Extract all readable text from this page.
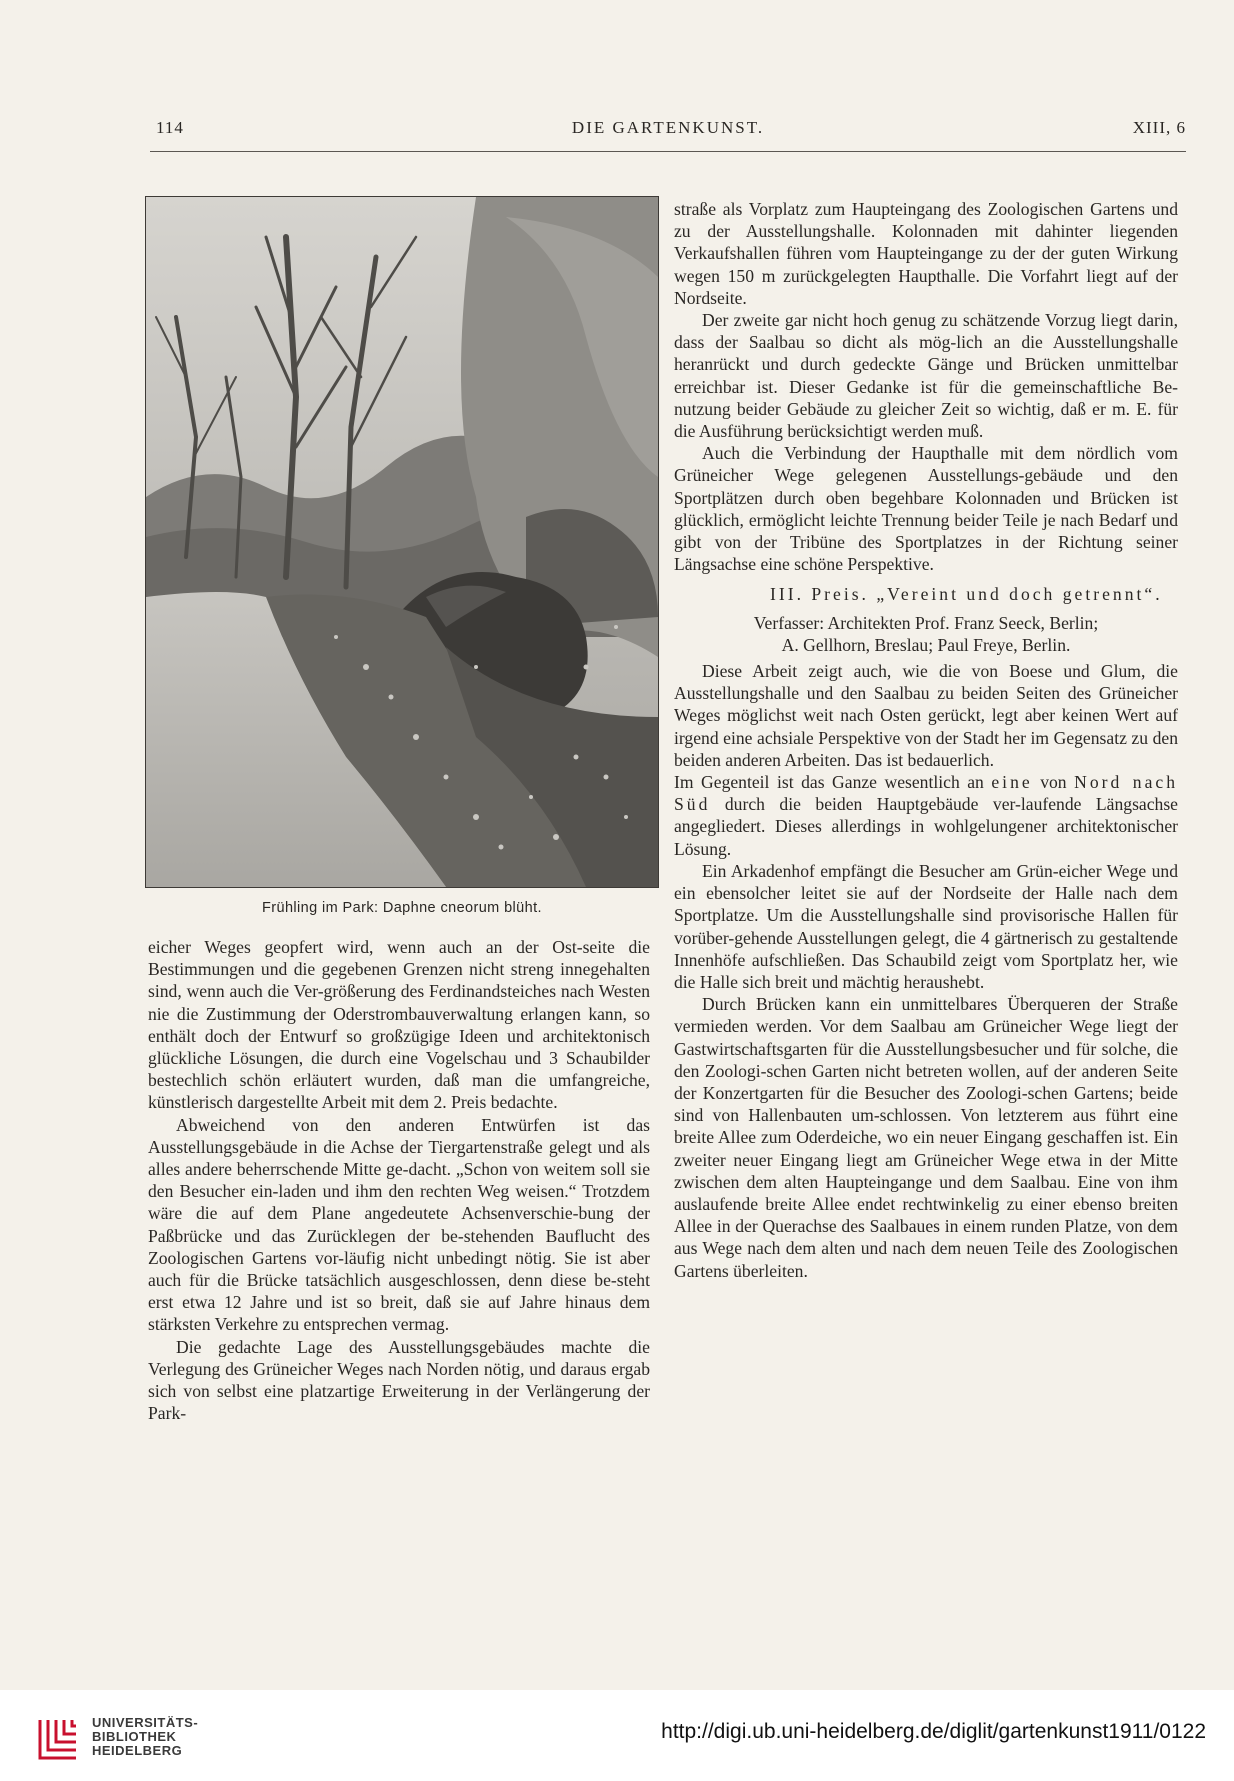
114	DIE GARTENKUNST.	XIII, 6
Frühling im Park: Daphne cneorum blüht.

eicher Weges geopfert wird, wenn auch an der Ost-seite die Bestimmungen und die gegebenen Grenzen nicht streng innegehalten sind, wenn auch die Ver-größerung des Ferdinandsteiches nach Westen nie die Zustimmung der Oderstrombauverwaltung erlangen kann, so enthält doch der Entwurf so großzügige Ideen und architektonisch glückliche Lösungen, die durch eine Vogelschau und 3 Schaubilder bestechlich schön erläutert wurden, daß man die umfangreiche, künstlerisch dargestellte Arbeit mit dem 2. Preis bedachte.

Abweichend von den anderen Entwürfen ist das Ausstellungsgebäude in die Achse der Tiergartenstraße gelegt und als alles andere beherrschende Mitte ge-dacht. „Schon von weitem soll sie den Besucher ein-laden und ihm den rechten Weg weisen.“ Trotzdem wäre die auf dem Plane angedeutete Achsenverschie-bung der Paßbrücke und das Zurücklegen der be-stehenden Bauflucht des Zoologischen Gartens vor-läufig nicht unbedingt nötig. Sie ist aber auch für die Brücke tatsächlich ausgeschlossen, denn diese be-steht erst etwa 12 Jahre und ist so breit, daß sie auf Jahre hinaus dem stärksten Verkehre zu entsprechen vermag.

Die gedachte Lage des Ausstellungsgebäudes machte die Verlegung des Grüneicher Weges nach Norden nötig, und daraus ergab sich von selbst eine platzartige Erweiterung in der Verlängerung der Park-

straße als Vorplatz zum Haupteingang des Zoologischen Gartens und zu der Ausstellungshalle. Kolonnaden mit dahinter liegenden Verkaufshallen führen vom Haupteingange zu der der guten Wirkung wegen 150 m zurückgelegten Haupthalle. Die Vorfahrt liegt auf der Nordseite.

Der zweite gar nicht hoch genug zu schätzende Vorzug liegt darin, dass der Saalbau so dicht als mög-lich an die Ausstellungshalle heranrückt und durch gedeckte Gänge und Brücken unmittelbar erreichbar ist. Dieser Gedanke ist für die gemeinschaftliche Be-nutzung beider Gebäude zu gleicher Zeit so wichtig, daß er m. E. für die Ausführung berücksichtigt werden muß.

Auch die Verbindung der Haupthalle mit dem nördlich vom Grüneicher Wege gelegenen Ausstellungs-gebäude und den Sportplätzen durch oben begehbare Kolonnaden und Brücken ist glücklich, ermöglicht leichte Trennung beider Teile je nach Bedarf und gibt von der Tribüne des Sportplatzes in der Richtung seiner Längsachse eine schöne Perspektive.

III. Preis. „Vereint und doch getrennt“.

Verfasser: Architekten Prof. Franz Seeck, Berlin;

A. Gellhorn, Breslau; Paul Freye, Berlin.

Diese Arbeit zeigt auch, wie die von Boese und Glum, die Ausstellungshalle und den Saalbau zu beiden Seiten des Grüneicher Weges möglichst weit nach Osten gerückt, legt aber keinen Wert auf irgend eine achsiale Perspektive von der Stadt her im Gegensatz zu den beiden anderen Arbeiten. Das ist bedauerlich.

Im Gegenteil ist das Ganze wesentlich an eine von Nord nach Süd durch die beiden Hauptgebäude ver-laufende Längsachse angegliedert. Dieses allerdings in wohlgelungener architektonischer Lösung.

Ein Arkadenhof empfängt die Besucher am Grün-eicher Wege und ein ebensolcher leitet sie auf der Nordseite der Halle nach dem Sportplatze. Um die Ausstellungshalle sind provisorische Hallen für vorüber-gehende Ausstellungen gelegt, die 4 gärtnerisch zu gestaltende Innenhöfe aufschließen. Das Schaubild zeigt vom Sportplatz her, wie die Halle sich breit und mächtig heraushebt.

Durch Brücken kann ein unmittelbares Überqueren der Straße vermieden werden. Vor dem Saalbau am Grüneicher Wege liegt der Gastwirtschaftsgarten für die Ausstellungsbesucher und für solche, die den Zoologi-schen Garten nicht betreten wollen, auf der anderen Seite der Konzertgarten für die Besucher des Zoologi-schen Gartens; beide sind von Hallenbauten um-schlossen. Von letzterem aus führt eine breite Allee zum Oderdeiche, wo ein neuer Eingang geschaffen ist. Ein zweiter neuer Eingang liegt am Grüneicher Wege etwa in der Mitte zwischen dem alten Haupteingange und dem Saalbau. Eine von ihm auslaufende breite Allee endet rechtwinkelig zu einer ebenso breiten Allee in der Querachse des Saalbaues in einem runden Platze, von dem aus Wege nach dem alten und nach dem neuen Teile des Zoologischen Gartens überleiten.

UNIVERSITÄTS-
BIBLIOTHEK
HEIDELBERG
http://digi.ub.uni-heidelberg.de/diglit/gartenkunst1911/0122
